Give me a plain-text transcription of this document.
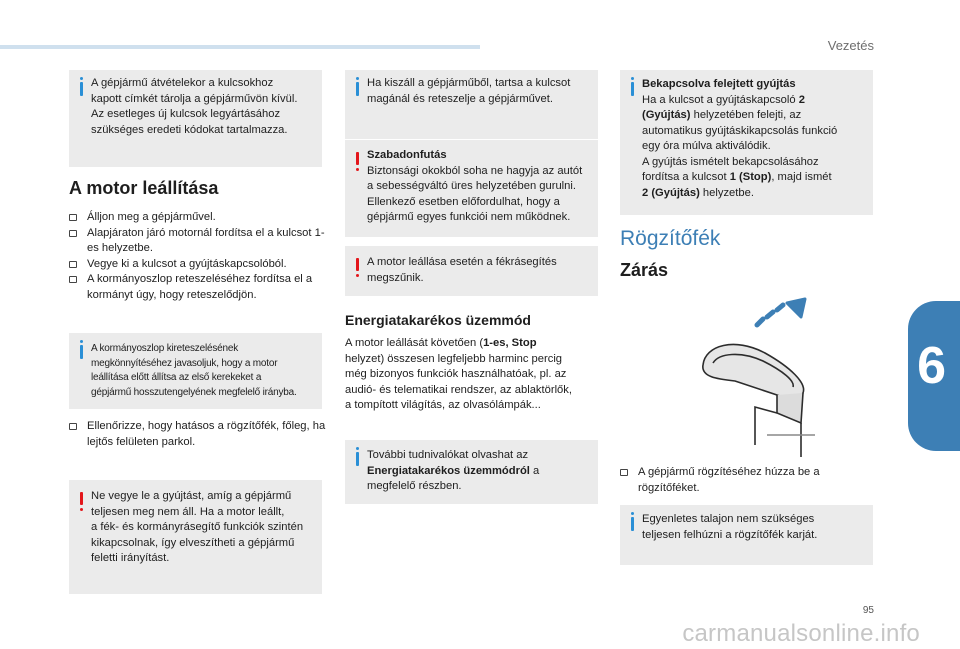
Vezetés
6
95
carmanualsonline.info

A gépjármű átvételekor a kulcsokhoz
kapott címkét tárolja a gépjárművön kívül.
Az esetleges új kulcsok legyártásához
szükséges eredeti kódokat tartalmazza.

A motor leállítása
Álljon meg a gépjárművel.
Alapjáraton járó motornál fordítsa el a kulcsot 1-es helyzetbe.
Vegye ki a kulcsot a gyújtáskapcsolóból.
A kormányoszlop reteszeléséhez fordítsa el a kormányt úgy, hogy reteszelődjön.

A kormányoszlop kireteszelésének
megkönnyítéséhez javasoljuk, hogy a motor
leállítása előtt állítsa az első kerekeket a
gépjármű hosszutengelyének megfelelő irányba.

Ellenőrizze, hogy hatásos a rögzítőfék, főleg, ha lejtős felületen parkol.

Ne vegye le a gyújtást, amíg a gépjármű
teljesen meg nem áll. Ha a motor leállt,
a fék- és kormányrásegítő funkciók szintén
kikapcsolnak, így elveszítheti a gépjármű
feletti irányítást.

Ha kiszáll a gépjárműből, tartsa a kulcsot
magánál és reteszelje a gépjárművet.

Szabadonfutás

Biztonsági okokból soha ne hagyja az autót
a sebességváltó üres helyzetében gurulni.
Ellenkező esetben előfordulhat, hogy a
gépjármű egyes funkciói nem működnek.

A motor leállása esetén a fékrásegítés
megszűnik.

Energiatakarékos üzemmód
A motor leállását követően (1-es, Stop
helyzet) összesen legfeljebb harminc percig
még bizonyos funkciók használhatóak, pl. az
audió- és telematikai rendszer, az ablaktörlők,
a tompított világítás, az olvasólámpák...

További tudnivalókat olvashat az
Energiatakarékos üzemmódról a
megfelelő részben.

Bekapcsolva felejtett gyújtás

Ha a kulcsot a gyújtáskapcsoló 2
(Gyújtás) helyzetében felejti, az
automatikus gyújtáskikapcsolás funkció
egy óra múlva aktiválódik.
A gyújtás ismételt bekapcsolásához
fordítsa a kulcsot 1 (Stop), majd ismét
2 (Gyújtás) helyzetbe.

Rögzítőfék
Zárás
A gépjármű rögzítéséhez húzza be a rögzítőféket.

Egyenletes talajon nem szükséges
teljesen felhúzni a rögzítőfék karját.
